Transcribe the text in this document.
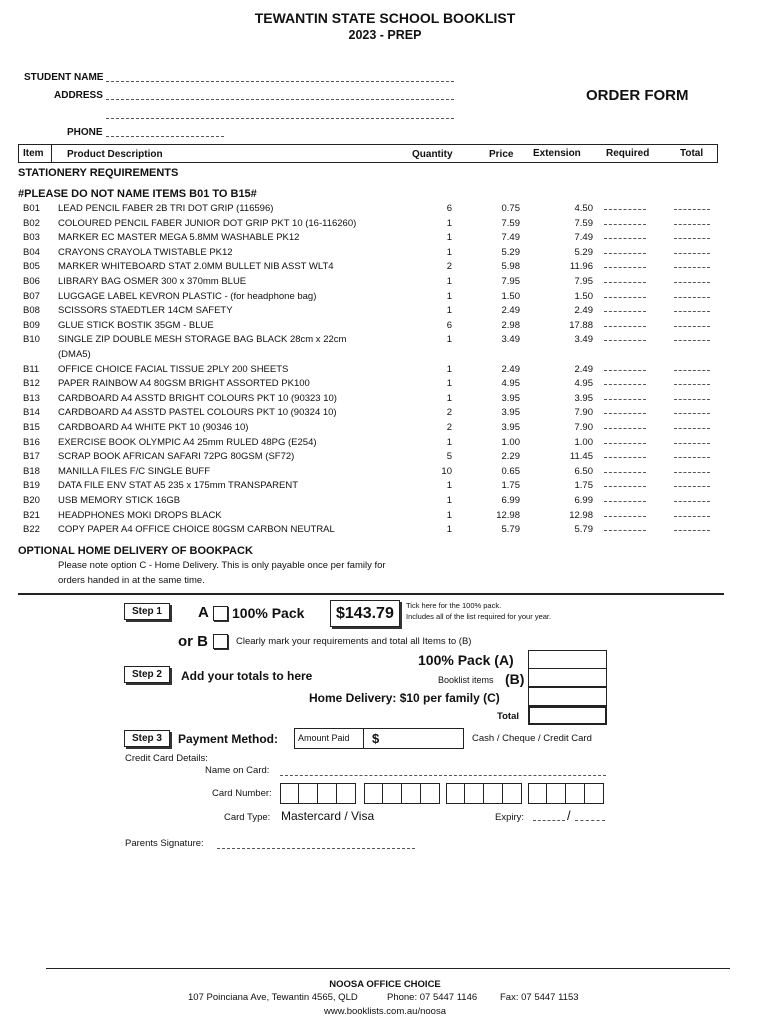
TEWANTIN STATE SCHOOL BOOKLIST
2023 - PREP
STUDENT NAME
ADDRESS
PHONE
ORDER FORM
Item Product Description	Quantity	Price Extension	Required	Total
STATIONERY REQUIREMENTS
#PLEASE DO NOT NAME ITEMS B01 TO B15#
B01 LEAD PENCIL FABER 2B TRI DOT GRIP (116596)	6	0.75	4.50
B02 COLOURED PENCIL FABER JUNIOR DOT GRIP PKT 10 (16-116260)	1	7.59	7.59
B03 MARKER EC MASTER MEGA 5.8MM WASHABLE PK12	1	7.49	7.49
B04 CRAYONS CRAYOLA TWISTABLE PK12	1	5.29	5.29
B05 MARKER WHITEBOARD STAT 2.0MM BULLET NIB ASST WLT4	2	5.98	11.96
B06 LIBRARY BAG OSMER 300 x 370mm BLUE	1	7.95	7.95
B07 LUGGAGE LABEL KEVRON PLASTIC - (for headphone bag)	1	1.50	1.50
B08 SCISSORS STAEDTLER 14CM SAFETY	1	2.49	2.49
B09 GLUE STICK BOSTIK 35GM - BLUE	6	2.98	17.88
B10 SINGLE ZIP DOUBLE MESH STORAGE BAG BLACK 28cm x 22cm	1	3.49	3.49
(DMA5)
B11 OFFICE CHOICE FACIAL TISSUE 2PLY 200 SHEETS	1	2.49	2.49
B12 PAPER RAINBOW A4 80GSM BRIGHT ASSORTED PK100	1	4.95	4.95
B13 CARDBOARD A4 ASSTD BRIGHT COLOURS PKT 10 (90323 10)	1	3.95	3.95
B14 CARDBOARD A4 ASSTD PASTEL COLOURS PKT 10 (90324 10)	2	3.95	7.90
B15 CARDBOARD A4 WHITE PKT 10 (90346 10)	2	3.95	7.90
B16 EXERCISE BOOK OLYMPIC A4 25mm RULED 48PG (E254)	1	1.00	1.00
B17 SCRAP BOOK AFRICAN SAFARI 72PG 80GSM (SF72)	5	2.29	11.45
B18 MANILLA FILES F/C SINGLE BUFF	10	0.65	6.50
B19 DATA FILE ENV STAT A5 235 x 175mm TRANSPARENT	1	1.75	1.75
B20 USB MEMORY STICK 16GB	1	6.99	6.99
B21 HEADPHONES MOKI DROPS BLACK	1	12.98	12.98
B22 COPY PAPER A4 OFFICE CHOICE 80GSM CARBON NEUTRAL	1	5.79	5.79
OPTIONAL HOME DELIVERY OF BOOKPACK
Please note option C - Home Delivery. This is only payable once per family for
orders handed in at the same time.
Step 1	A 100% Pack $143.79 Tick here for the 100% pack.
Includes all of the list required for your year.
or B	Clearly mark your requirements and total all Items to (B)
Step 2	Add your totals to here
100% Pack (A)
Booklist items (B)
Home Delivery: $10 per family (C)
Total
Step 3	Payment Method: Amount Paid $	Cash / Cheque / Credit Card
Credit Card Details:
Name on Card:
Card Number:
Card Type: Mastercard / Visa	Expiry:	/
Parents Signature:
NOOSA OFFICE CHOICE
107 Poinciana Ave, Tewantin 4565, QLD	Phone: 07 5447 1146 Fax: 07 5447 1153
www.booklists.com.au/noosa
